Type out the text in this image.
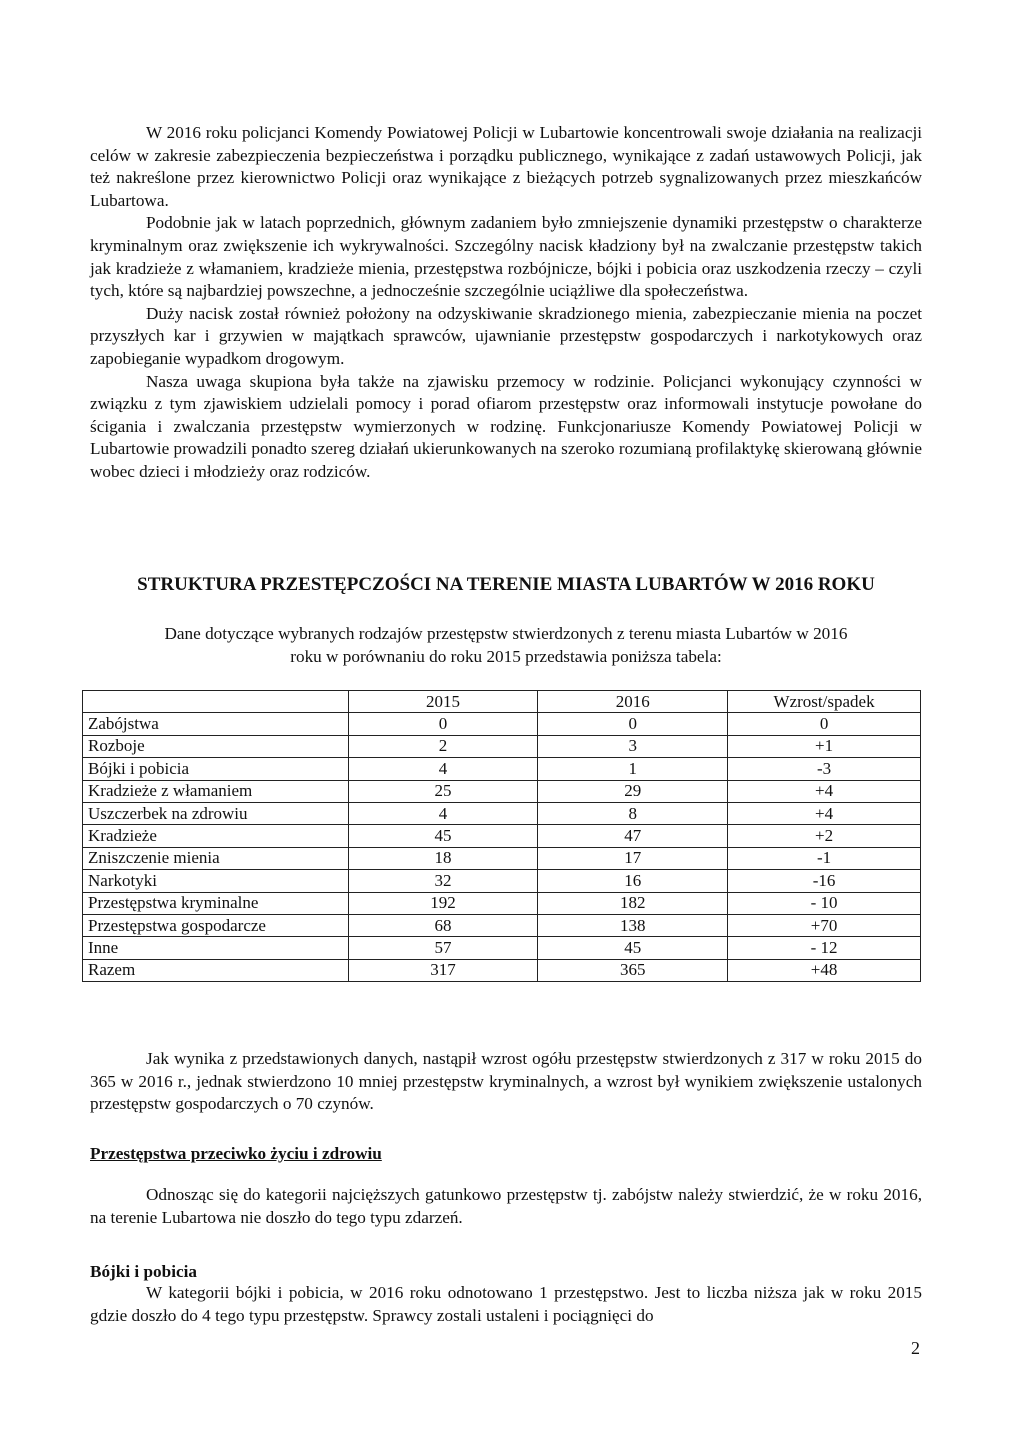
W 2016 roku policjanci Komendy Powiatowej Policji w Lubartowie koncentrowali swoje działania na realizacji celów w zakresie zabezpieczenia bezpieczeństwa i porządku publicznego, wynikające z zadań ustawowych Policji, jak też nakreślone przez kierownictwo Policji oraz wynikające z bieżących potrzeb sygnalizowanych przez mieszkańców Lubartowa.

Podobnie jak w latach poprzednich, głównym zadaniem było zmniejszenie dynamiki przestępstw o charakterze kryminalnym oraz zwiększenie ich wykrywalności. Szczególny nacisk kładziony był na zwalczanie przestępstw takich jak kradzieże z włamaniem, kradzieże mienia, przestępstwa rozbójnicze, bójki i pobicia oraz uszkodzenia rzeczy – czyli tych, które są najbardziej powszechne, a jednocześnie szczególnie uciążliwe dla społeczeństwa.

Duży nacisk został również położony na odzyskiwanie skradzionego mienia, zabezpieczanie mienia na poczet przyszłych kar i grzywien w majątkach sprawców, ujawnianie przestępstw gospodarczych i narkotykowych oraz zapobieganie wypadkom drogowym.

Nasza uwaga skupiona była także na zjawisku przemocy w rodzinie. Policjanci wykonujący czynności w związku z tym zjawiskiem udzielali pomocy i porad ofiarom przestępstw oraz informowali instytucje powołane do ścigania i zwalczania przestępstw wymierzonych w rodzinę. Funkcjonariusze Komendy Powiatowej Policji w Lubartowie prowadzili ponadto szereg działań ukierunkowanych na szeroko rozumianą profilaktykę skierowaną głównie wobec dzieci i młodzieży oraz rodziców.

STRUKTURA PRZESTĘPCZOŚCI NA TERENIE MIASTA LUBARTÓW W 2016 ROKU
Dane dotyczące wybranych rodzajów przestępstw stwierdzonych z terenu miasta Lubartów w 2016
roku w porównaniu do roku 2015 przedstawia poniższa tabela:
	2015	2016	Wzrost/spadek
Zabójstwa	0	0	0
Rozboje	2	3	+1
Bójki i pobicia	4	1	-3
Kradzieże z włamaniem	25	29	+4
Uszczerbek na zdrowiu	4	8	+4
Kradzieże	45	47	+2
Zniszczenie mienia	18	17	-1
Narkotyki	32	16	-16
Przestępstwa kryminalne	192	182	- 10
Przestępstwa gospodarcze	68	138	+70
Inne	57	45	- 12
Razem	317	365	+48

Jak wynika z przedstawionych danych, nastąpił wzrost ogółu przestępstw stwierdzonych z 317 w roku 2015 do 365 w 2016 r., jednak stwierdzono 10 mniej przestępstw kryminalnych, a wzrost był wynikiem zwiększenie ustalonych przestępstw gospodarczych o 70 czynów.

Przestępstwa przeciwko życiu i zdrowiu

Odnosząc się do kategorii najcięższych gatunkowo przestępstw tj. zabójstw należy stwierdzić, że w roku 2016, na terenie Lubartowa nie doszło do tego typu zdarzeń.

Bójki i pobicia

W kategorii bójki i pobicia, w 2016 roku odnotowano 1 przestępstwo. Jest to liczba niższa jak w roku 2015 gdzie doszło do 4 tego typu przestępstw. Sprawcy zostali ustaleni i pociągnięci do

2
